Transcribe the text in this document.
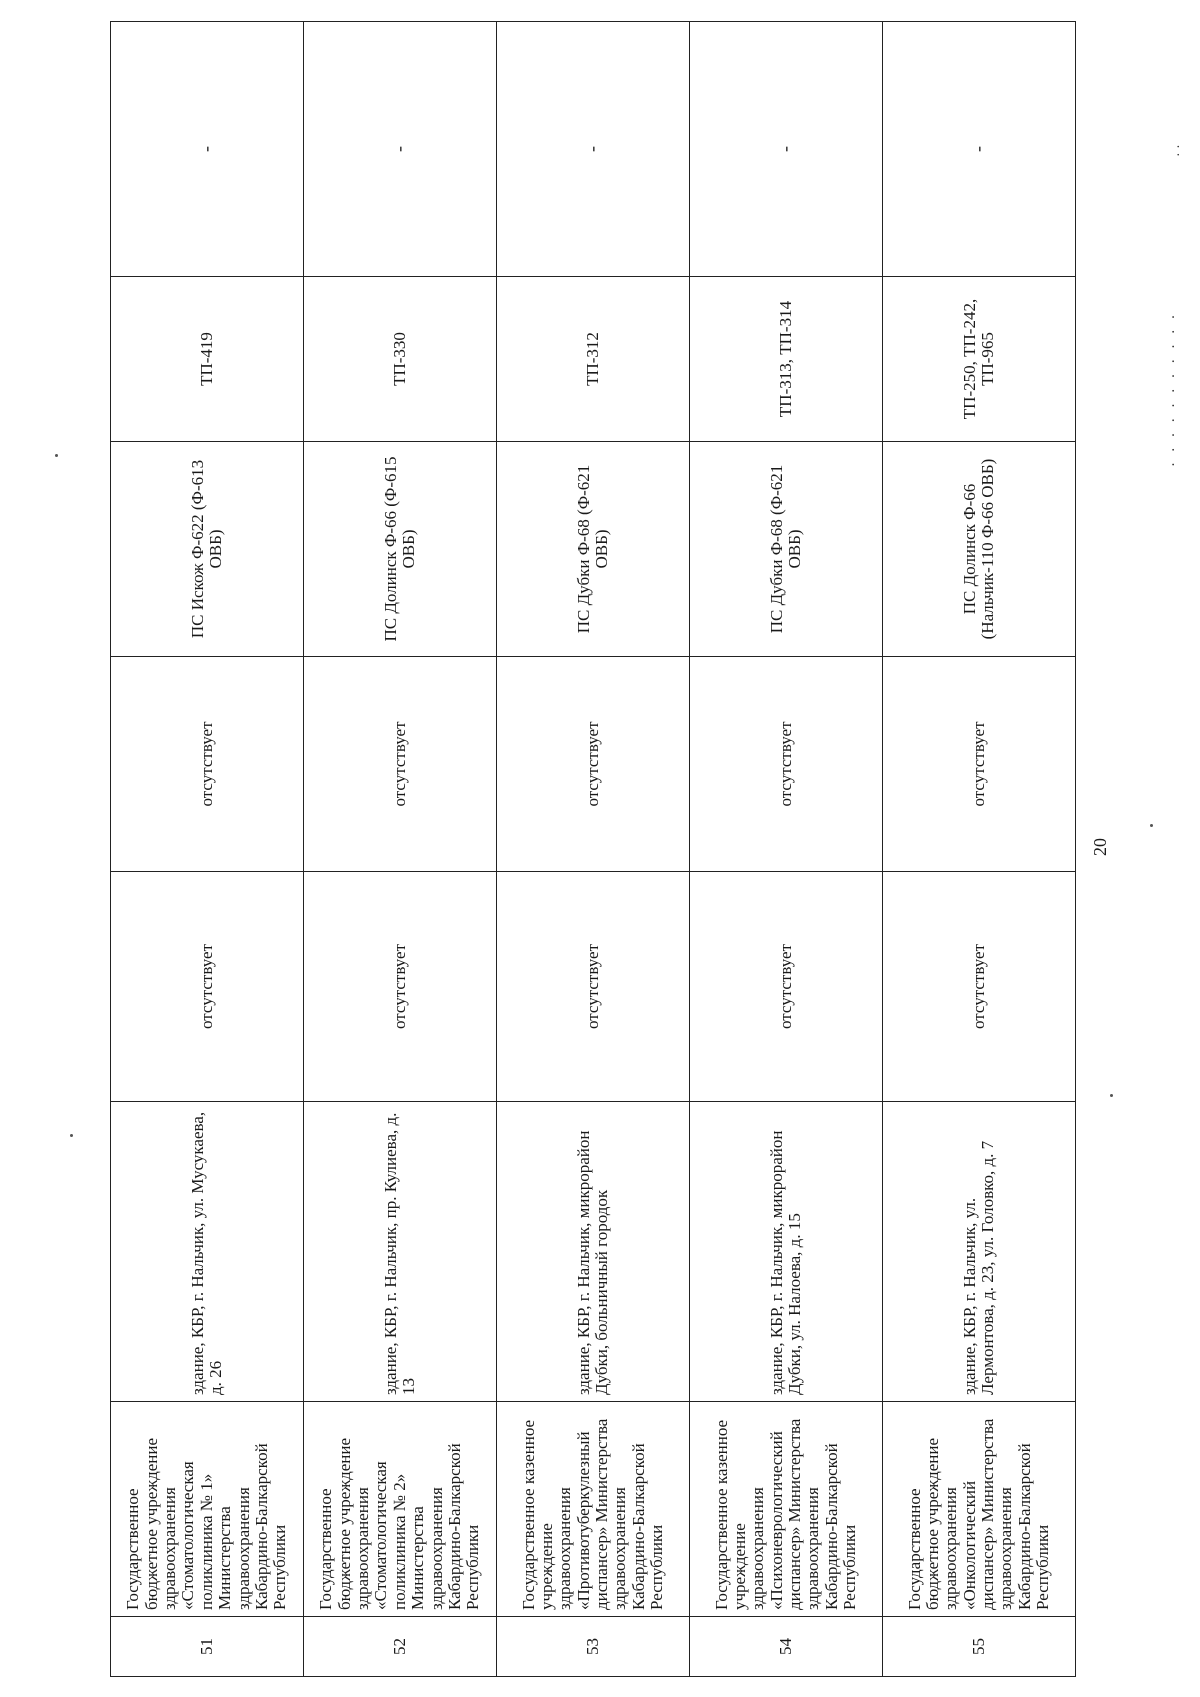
· · · · · · · · · · ·
· ·
20
51	Государственное бюджетное учреждение здравоохранения «Стоматологическая поликлиника № 1» Министерства здравоохранения Кабардино-Балкарской Республики	здание, КБР, г. Нальчик, ул. Мусукаева, д. 26	отсутствует	отсутствует	ПС Искож Ф-622 (Ф-613 ОВБ)	ТП-419	-
52	Государственное бюджетное учреждение здравоохранения «Стоматологическая поликлиника № 2» Министерства здравоохранения Кабардино-Балкарской Республики	здание, КБР, г. Нальчик, пр. Кулиева, д. 13	отсутствует	отсутствует	ПС Долинск Ф-66 (Ф-615 ОВБ)	ТП-330	-
53	Государственное казенное учреждение здравоохранения «Противотуберкулезный диспансер» Министерства здравоохранения Кабардино-Балкарской Республики	здание, КБР, г. Нальчик, микрорайон Дубки, больничный городок	отсутствует	отсутствует	ПС Дубки Ф-68 (Ф-621 ОВБ)	ТП-312	-
54	Государственное казенное учреждение здравоохранения «Психоневрологический диспансер» Министерства здравоохранения Кабардино-Балкарской Республики	здание, КБР, г. Нальчик, микрорайон Дубки, ул. Налоева, д. 15	отсутствует	отсутствует	ПС Дубки Ф-68 (Ф-621 ОВБ)	ТП-313, ТП-314	-
55	Государственное бюджетное учреждение здравоохранения «Онкологический диспансер» Министерства здравоохранения Кабардино-Балкарской Республики	здание, КБР, г. Нальчик, ул. Лермонтова, д. 23, ул. Головко, д. 7	отсутствует	отсутствует	ПС Долинск Ф-66 (Нальчик-110 Ф-66 ОВБ)	ТП-250, ТП-242, ТП-965	-
